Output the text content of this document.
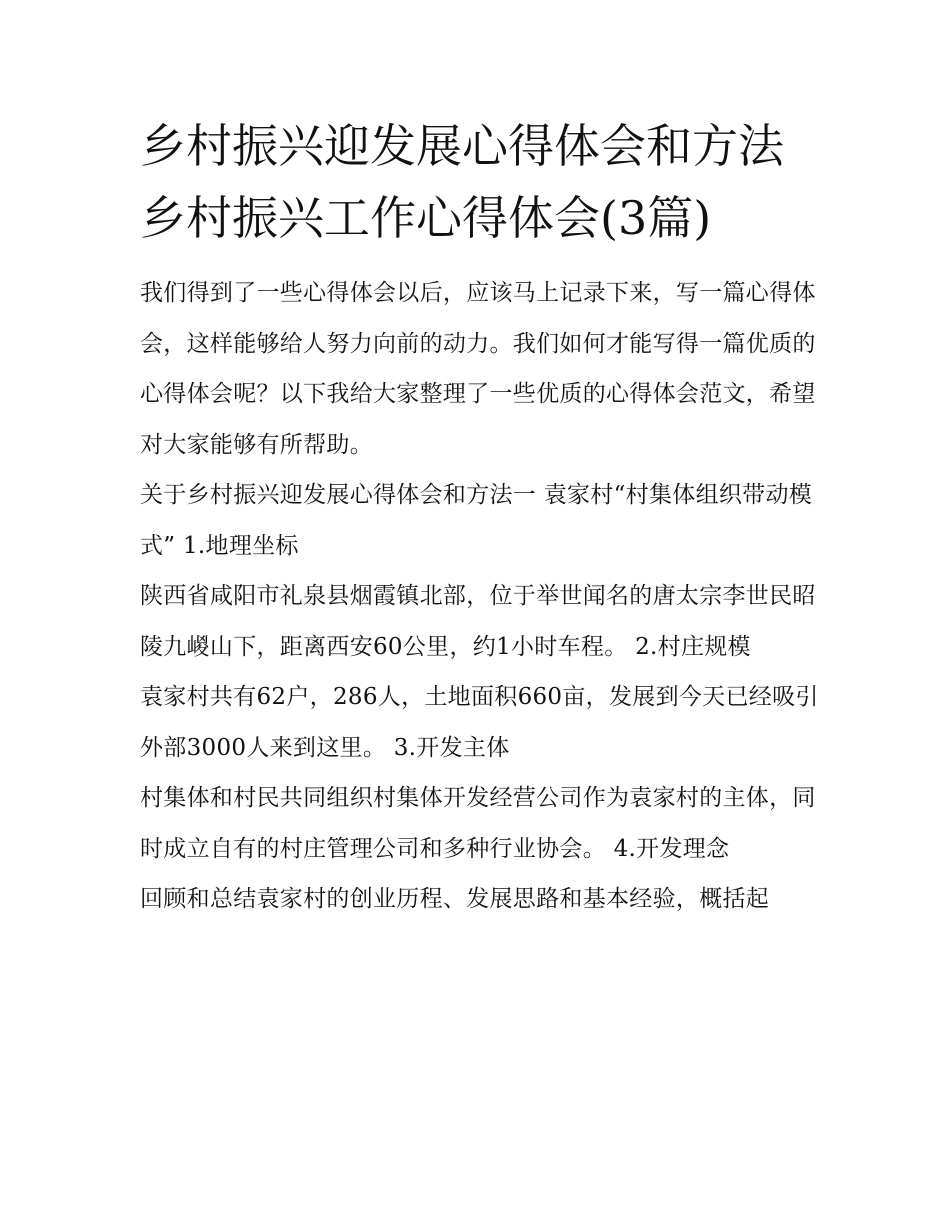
乡村振兴迎发展心得体会和方法 乡村振兴工作心得体会(3篇)

我们得到了一些心得体会以后，应该马上记录下来，写一篇心得体会，这样能够给人努力向前的动力。我们如何才能写得一篇优质的心得体会呢？以下我给大家整理了一些优质的心得体会范文，希望对大家能够有所帮助。

关于乡村振兴迎发展心得体会和方法一 袁家村“村集体组织带动模式” 1.地理坐标

陕西省咸阳市礼泉县烟霞镇北部，位于举世闻名的唐太宗李世民昭陵九嵕山下，距离西安60公里，约1小时车程。 2.村庄规模

袁家村共有62户，286人，土地面积660亩，发展到今天已经吸引外部3000人来到这里。 3.开发主体

村集体和村民共同组织村集体开发经营公司作为袁家村的主体，同时成立自有的村庄管理公司和多种行业协会。 4.开发理念

回顾和总结袁家村的创业历程、发展思路和基本经验，概括起
